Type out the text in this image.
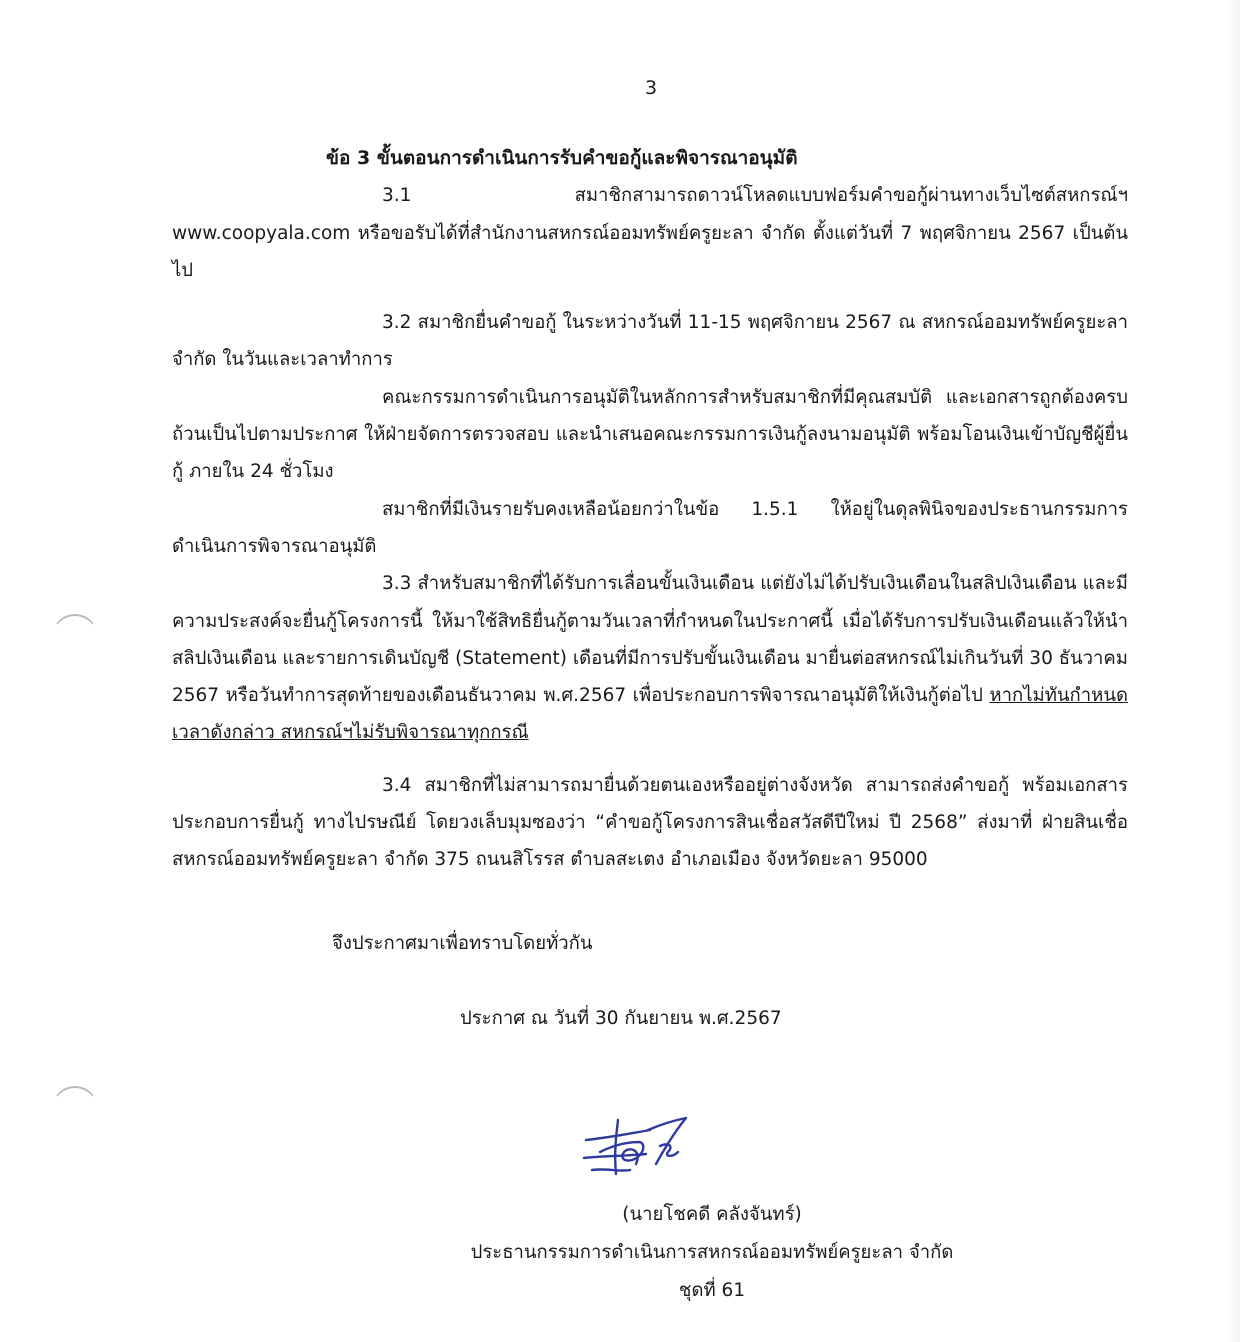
3

ข้อ 3 ขั้นตอนการดำเนินการรับคำขอกู้และพิจารณาอนุมัติ

3.1 สมาชิกสามารถดาวน์โหลดแบบฟอร์มคำขอกู้ผ่านทางเว็บไซต์สหกรณ์ฯ www.coopyala.com หรือขอรับได้ที่สำนักงานสหกรณ์ออมทรัพย์ครูยะลา จำกัด ตั้งแต่วันที่ 7 พฤศจิกายน 2567 เป็นต้นไป

3.2 สมาชิกยื่นคำขอกู้ ในระหว่างวันที่ 11-15 พฤศจิกายน 2567 ณ สหกรณ์ออมทรัพย์ครูยะลา จำกัด ในวันและเวลาทำการ

คณะกรรมการดำเนินการอนุมัติในหลักการสำหรับสมาชิกที่มีคุณสมบัติ และเอกสารถูกต้องครบถ้วนเป็นไปตามประกาศ ให้ฝ่ายจัดการตรวจสอบ และนำเสนอคณะกรรมการเงินกู้ลงนามอนุมัติ พร้อมโอนเงินเข้าบัญชีผู้ยื่นกู้ ภายใน 24 ชั่วโมง

สมาชิกที่มีเงินรายรับคงเหลือน้อยกว่าในข้อ 1.5.1 ให้อยู่ในดุลพินิจของประธานกรรมการดำเนินการพิจารณาอนุมัติ

3.3 สำหรับสมาชิกที่ได้รับการเลื่อนขั้นเงินเดือน แต่ยังไม่ได้ปรับเงินเดือนในสลิปเงินเดือน และมีความประสงค์จะยื่นกู้โครงการนี้ ให้มาใช้สิทธิยื่นกู้ตามวันเวลาที่กำหนดในประกาศนี้ เมื่อได้รับการปรับเงินเดือนแล้วให้นำสลิปเงินเดือน และรายการเดินบัญชี (Statement) เดือนที่มีการปรับขั้นเงินเดือน มายื่นต่อสหกรณ์ไม่เกินวันที่ 30 ธันวาคม 2567 หรือวันทำการสุดท้ายของเดือนธันวาคม พ.ศ.2567 เพื่อประกอบการพิจารณาอนุมัติให้เงินกู้ต่อไป หากไม่ทันกำหนดเวลาดังกล่าว สหกรณ์ฯไม่รับพิจารณาทุกกรณี

3.4 สมาชิกที่ไม่สามารถมายื่นด้วยตนเองหรืออยู่ต่างจังหวัด สามารถส่งคำขอกู้ พร้อมเอกสารประกอบการยื่นกู้ ทางไปรษณีย์ โดยวงเล็บมุมซองว่า “คำขอกู้โครงการสินเชื่อสวัสดีปีใหม่ ปี 2568” ส่งมาที่ ฝ่ายสินเชื่อสหกรณ์ออมทรัพย์ครูยะลา จำกัด 375 ถนนสิโรรส ตำบลสะเตง อำเภอเมือง จังหวัดยะลา 95000

จึงประกาศมาเพื่อทราบโดยทั่วกัน

ประกาศ ณ วันที่ 30 กันยายน พ.ศ.2567

(นายโชคดี คลังจันทร์)
ประธานกรรมการดำเนินการสหกรณ์ออมทรัพย์ครูยะลา จำกัด
ชุดที่ 61
